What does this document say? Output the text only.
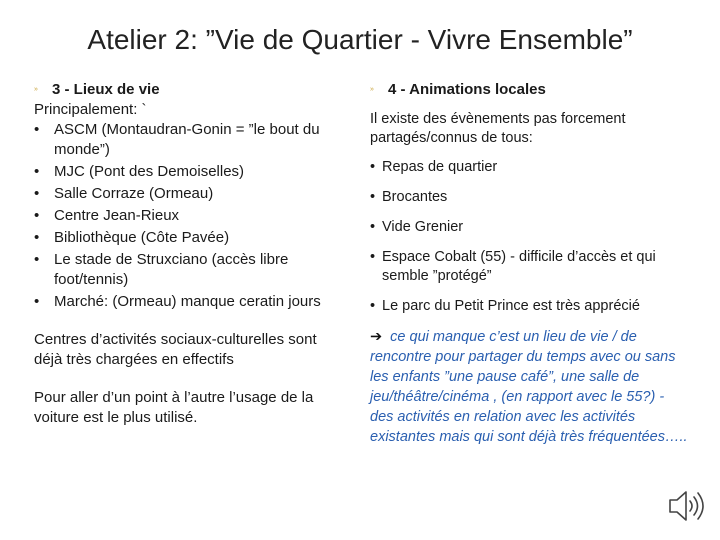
Atelier 2: ”Vie de Quartier - Vivre Ensemble”
» 3 - Lieux de vie
Principalement: `
• ASCM (Montaudran-Gonin = ”le bout du monde”)
• MJC (Pont des Demoiselles)
• Salle Corraze (Ormeau)
• Centre Jean-Rieux
• Bibliothèque (Côte Pavée)
• Le stade de Struxciano (accès libre foot/tennis)
• Marché: (Ormeau) manque ceratin jours
Centres d’activités sociaux-culturelles sont déjà très chargées en effectifs
Pour aller d’un point à l’autre l’usage de la voiture est le plus utilisé.
» 4 - Animations locales
Il existe des évènements pas forcement partagés/connus de tous:
• Repas de quartier
• Brocantes
• Vide Grenier
• Espace Cobalt (55) - difficile d’accès et qui semble ”protégé”
• Le parc du Petit Prince est très apprécié
➔ ce qui manque c’est un lieu de vie / de rencontre pour partager du temps avec ou sans les enfants ”une pause café”, une salle de jeu/théâtre/cinéma , (en rapport avec le 55?) - des activités en relation avec les activités existantes mais qui sont déjà très fréquentées…..
